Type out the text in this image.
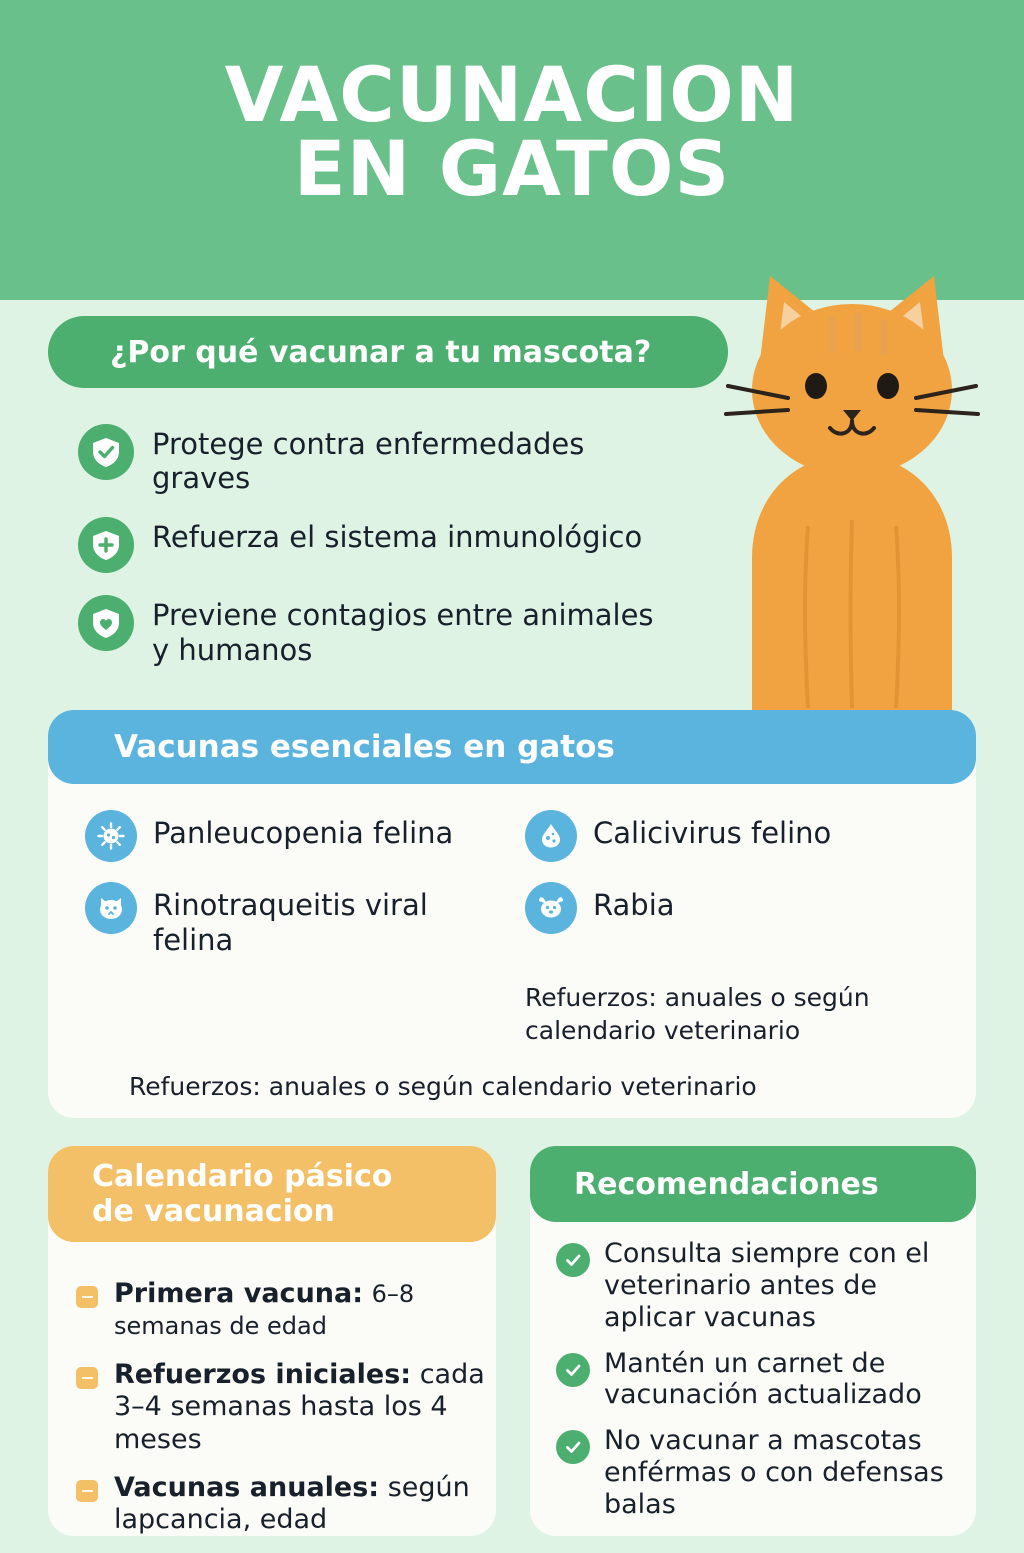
VACUNACION
EN GATOS
¿Por qué vacunar a tu mascota?
Protege contra enfermedades graves
Refuerza el sistema inmunológico
Previene contagios entre animales y humanos
Vacunas esenciales en gatos
Panleucopenia felina
Rinotraqueitis viral felina
Calicivirus felino
Rabia
Refuerzos: anuales o según calendario veterinario
Refuerzos: anuales o según calendario veterinario
Calendario pásico
de vacunacion
Primera vacuna: 6–8 semanas de edad
Refuerzos iniciales: cada 3–4 semanas hasta los 4 meses
Vacunas anuales: según lapcancia, edad
Recomendaciones
Consulta siempre con el veterinario antes de aplicar vacunas
Mantén un carnet de vacunación actualizado
No vacunar a mascotas enférmas o con defensas balas
